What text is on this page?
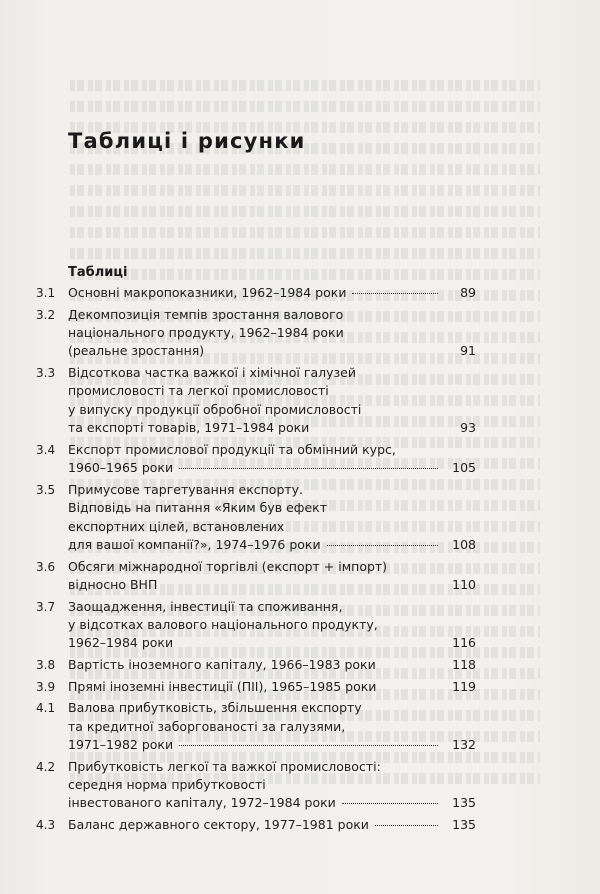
Таблиці і рисунки
Таблиці
3.1	Основні макропоказники, 1962–1984 роки	89
3.2	Декомпозиція темпів зростання валового
національного продукту, 1962–1984 роки
(реальне зростання)	91
3.3	Відсоткова частка важкої і хімічної галузей
промисловості та легкої промисловості
у випуску продукції обробної промисловості
та експорті товарів, 1971–1984 роки	93
3.4	Експорт промислової продукції та обмінний курс,
1960–1965 роки	105
3.5	Примусове таргетування експорту.
Відповідь на питання «Яким був ефект
експортних цілей, встановлених
для вашої компанії?», 1974–1976 роки	108
3.6	Обсяги міжнародної торгівлі (експорт + імпорт)
відносно ВНП	110
3.7	Заощадження, інвестиції та споживання,
у відсотках валового національного продукту,
1962–1984 роки	116
3.8	Вартість іноземного капіталу, 1966–1983 роки	118
3.9	Прямі іноземні інвестиції (ПІІ), 1965–1985 роки	119
4.1	Валова прибутковість, збільшення експорту
та кредитної заборгованості за галузями,
1971–1982 роки	132
4.2	Прибутковість легкої та важкої промисловості:
середня норма прибутковості
інвестованого капіталу, 1972–1984 роки	135
4.3	Баланс державного сектору, 1977–1981 роки	135
